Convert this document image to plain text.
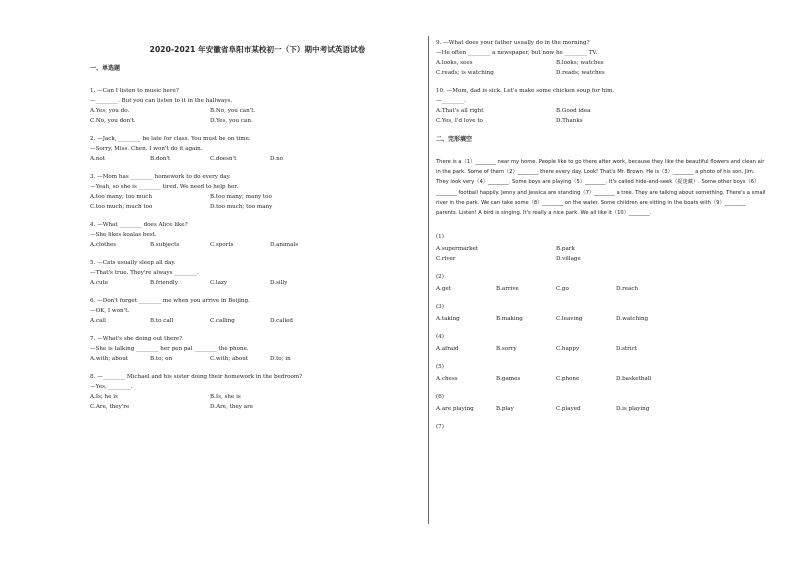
2020-2021 年安徽省阜阳市某校初一（下）期中考试英语试卷
一、单选题
1. —Can I listen to music here?
—________. But you can listen to it in the hallways.
A.Yes, you do.	B.No, you can't.
C.No, you don't.	D.Yes, you can.
2. —Jack, ________ be late for class. You must be on time.
—Sorry, Miss. Chen. I won't do it again.
A.not	B.don't	C.doesn't	D.no
3. —Mom has ________ homework to do every day.
—Yeah, so she is ________ tired. We need to help her.
A.too many; too much	B.too many; many too
C.too much; much too	D.too much; too many
4. —What ________ does Alice like?
—She likes koalas best.
A.clothes	B.subjects	C.sports	D.animals
5. —Cats usually sleep all day.
—That's true. They're always ________.
A.cute	B.friendly	C.lazy	D.silly
6. —Don't forget ________ me when you arrive in Beijing.
—OK, I won't.
A.call	B.to call	C.calling	D.called
7. —What's she doing out there?
—She is talking ________ her pen pal ________ the phone.
A.with; about	B.to; on	C.with; about	D.to; in
8. —________ Michael and his sister doing their homework in the bedroom?
—Yes, ________.
A.Is; he is	B.Is, she is
C.Are, they're	D.Are, they are
9. —What does your father usually do in the morning?
—He often ________ a newspaper, but now he ________ TV.
A.looks, sees	B.looks; watches
C.reads; is watching	D.reads; watches
10. —Mom, dad is sick. Let's make some chicken soup for him.
—________.
A.That's all right	B.Good idea
C.Yes, I'd love to	D.Thanks
二、完形填空
There is a（1）________ near my home. People like to go there after work, because they like the beautiful flowers and clean air in the park. Some of them（2）________ there every day. Look! That's Mr. Brown. He is（3）________ a photo of his son, Jim. They look very（4）________. Some boys are playing（5）________. It's called hide-and-seek（捉迷藏）. Some other boys（6）________ football happily. Jenny and Jessica are standing（7）________ a tree. They are talking about something. There's a small river in the park. We can take some（8）________ on the water. Some children are sitting in the boats with（9）________ parents. Listen! A bird is singing. It's really a nice park. We all like it（10）________.
(1)
A.supermarket	B.park
C.river	D.village
(2)
A.get	B.arrive	C.go	D.reach
(3)
A.taking	B.making	C.leaving	D.watching
(4)
A.afraid	B.sorry	C.happy	D.strict
(5)
A.chess	B.games	C.phone	D.basketball
(6)
A.are playing	B.play	C.played	D.is playing
(7)
